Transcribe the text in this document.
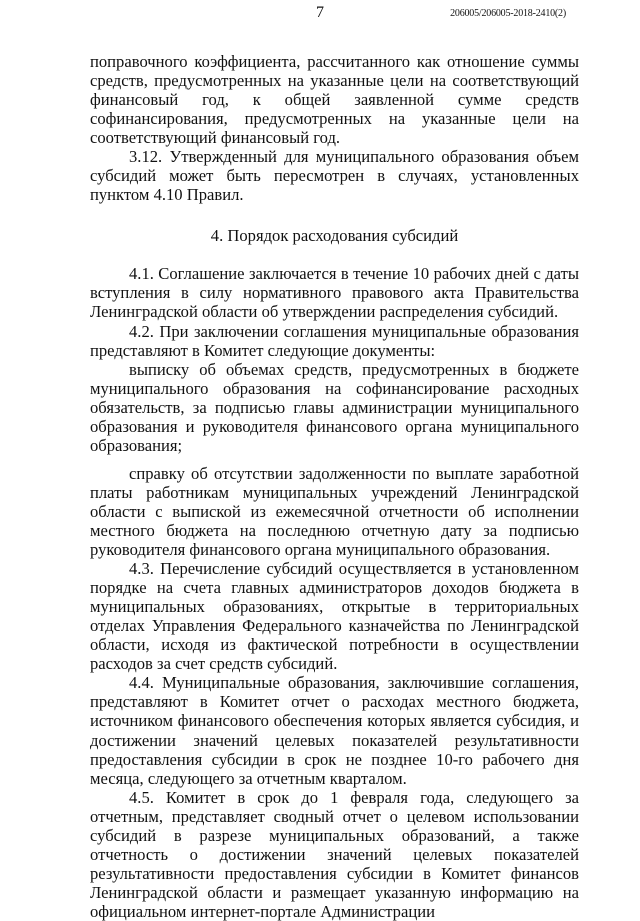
7	206005/206005-2018-2410(2)

поправочного коэффициента, рассчитанного как отношение суммы средств, предусмотренных на указанные цели на соответствующий финансовый год, к общей заявленной сумме средств софинансирования, предусмотренных на указанные цели на соответствующий финансовый год.

3.12. Утвержденный для муниципального образования объем субсидий может быть пересмотрен в случаях, установленных пунктом 4.10 Правил.

4. Порядок расходования субсидий

4.1. Соглашение заключается в течение 10 рабочих дней с даты вступления в силу нормативного правового акта Правительства Ленинградской области об утверждении распределения субсидий.

4.2. При заключении соглашения муниципальные образования представляют в Комитет следующие документы:

выписку об объемах средств, предусмотренных в бюджете муниципального образования на софинансирование расходных обязательств, за подписью главы администрации муниципального образования и руководителя финансового органа муниципального образования;

справку об отсутствии задолженности по выплате заработной платы работникам муниципальных учреждений Ленинградской области с выпиской из ежемесячной отчетности об исполнении местного бюджета на последнюю отчетную дату за подписью руководителя финансового органа муниципального образования.

4.3. Перечисление субсидий осуществляется в установленном порядке на счета главных администраторов доходов бюджета в муниципальных образованиях, открытые в территориальных отделах Управления Федерального казначейства по Ленинградской области, исходя из фактической потребности в осуществлении расходов за счет средств субсидий.

4.4. Муниципальные образования, заключившие соглашения, представляют в Комитет отчет о расходах местного бюджета, источником финансового обеспечения которых является субсидия, и достижении значений целевых показателей результативности предоставления субсидии в срок не позднее 10-го рабочего дня месяца, следующего за отчетным кварталом.

4.5. Комитет в срок до 1 февраля года, следующего за отчетным, представляет сводный отчет о целевом использовании субсидий в разрезе муниципальных образований, а также отчетность о достижении значений целевых показателей результативности предоставления субсидии в Комитет финансов Ленинградской области и размещает указанную информацию на официальном интернет-портале Администрации
